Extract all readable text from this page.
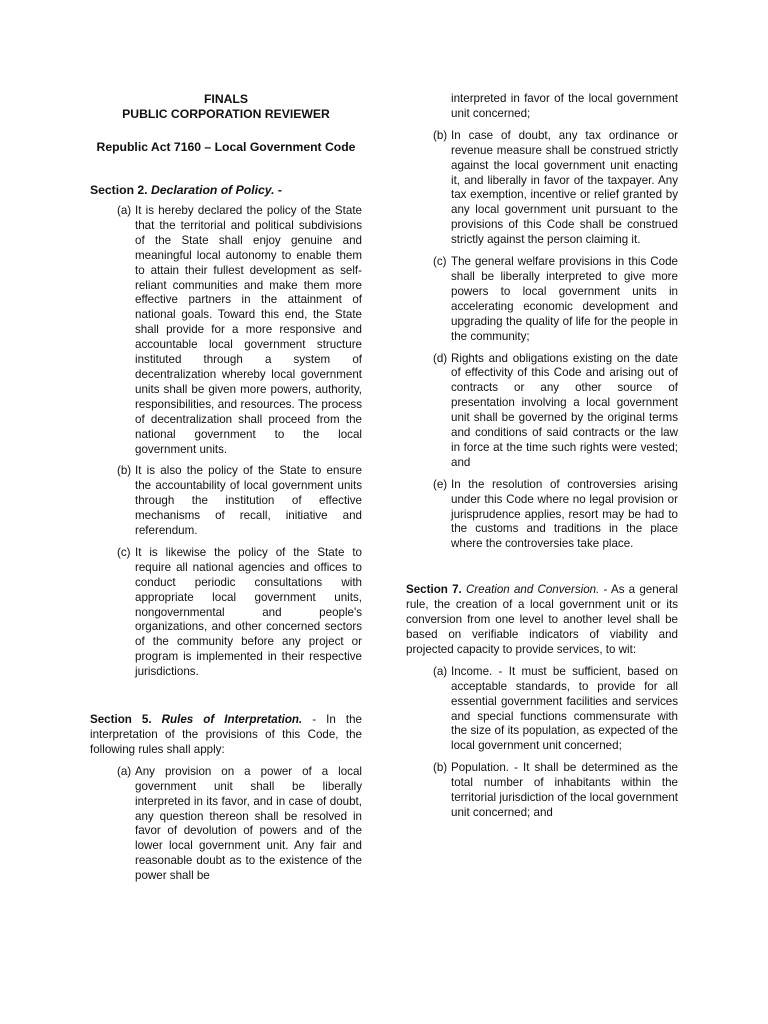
FINALS
PUBLIC CORPORATION REVIEWER
Republic Act 7160 – Local Government Code
Section 2. Declaration of Policy. -
(a) It is hereby declared the policy of the State that the territorial and political subdivisions of the State shall enjoy genuine and meaningful local autonomy to enable them to attain their fullest development as self-reliant communities and make them more effective partners in the attainment of national goals. Toward this end, the State shall provide for a more responsive and accountable local government structure instituted through a system of decentralization whereby local government units shall be given more powers, authority, responsibilities, and resources. The process of decentralization shall proceed from the national government to the local government units.
(b) It is also the policy of the State to ensure the accountability of local government units through the institution of effective mechanisms of recall, initiative and referendum.
(c) It is likewise the policy of the State to require all national agencies and offices to conduct periodic consultations with appropriate local government units, nongovernmental and people's organizations, and other concerned sectors of the community before any project or program is implemented in their respective jurisdictions.
Section 5. Rules of Interpretation. - In the interpretation of the provisions of this Code, the following rules shall apply:
(a) Any provision on a power of a local government unit shall be liberally interpreted in its favor, and in case of doubt, any question thereon shall be resolved in favor of devolution of powers and of the lower local government unit. Any fair and reasonable doubt as to the existence of the power shall be
interpreted in favor of the local government unit concerned;
(b) In case of doubt, any tax ordinance or revenue measure shall be construed strictly against the local government unit enacting it, and liberally in favor of the taxpayer. Any tax exemption, incentive or relief granted by any local government unit pursuant to the provisions of this Code shall be construed strictly against the person claiming it.
(c) The general welfare provisions in this Code shall be liberally interpreted to give more powers to local government units in accelerating economic development and upgrading the quality of life for the people in the community;
(d) Rights and obligations existing on the date of effectivity of this Code and arising out of contracts or any other source of presentation involving a local government unit shall be governed by the original terms and conditions of said contracts or the law in force at the time such rights were vested; and
(e) In the resolution of controversies arising under this Code where no legal provision or jurisprudence applies, resort may be had to the customs and traditions in the place where the controversies take place.
Section 7. Creation and Conversion. - As a general rule, the creation of a local government unit or its conversion from one level to another level shall be based on verifiable indicators of viability and projected capacity to provide services, to wit:
(a) Income. - It must be sufficient, based on acceptable standards, to provide for all essential government facilities and services and special functions commensurate with the size of its population, as expected of the local government unit concerned;
(b) Population. - It shall be determined as the total number of inhabitants within the territorial jurisdiction of the local government unit concerned; and
